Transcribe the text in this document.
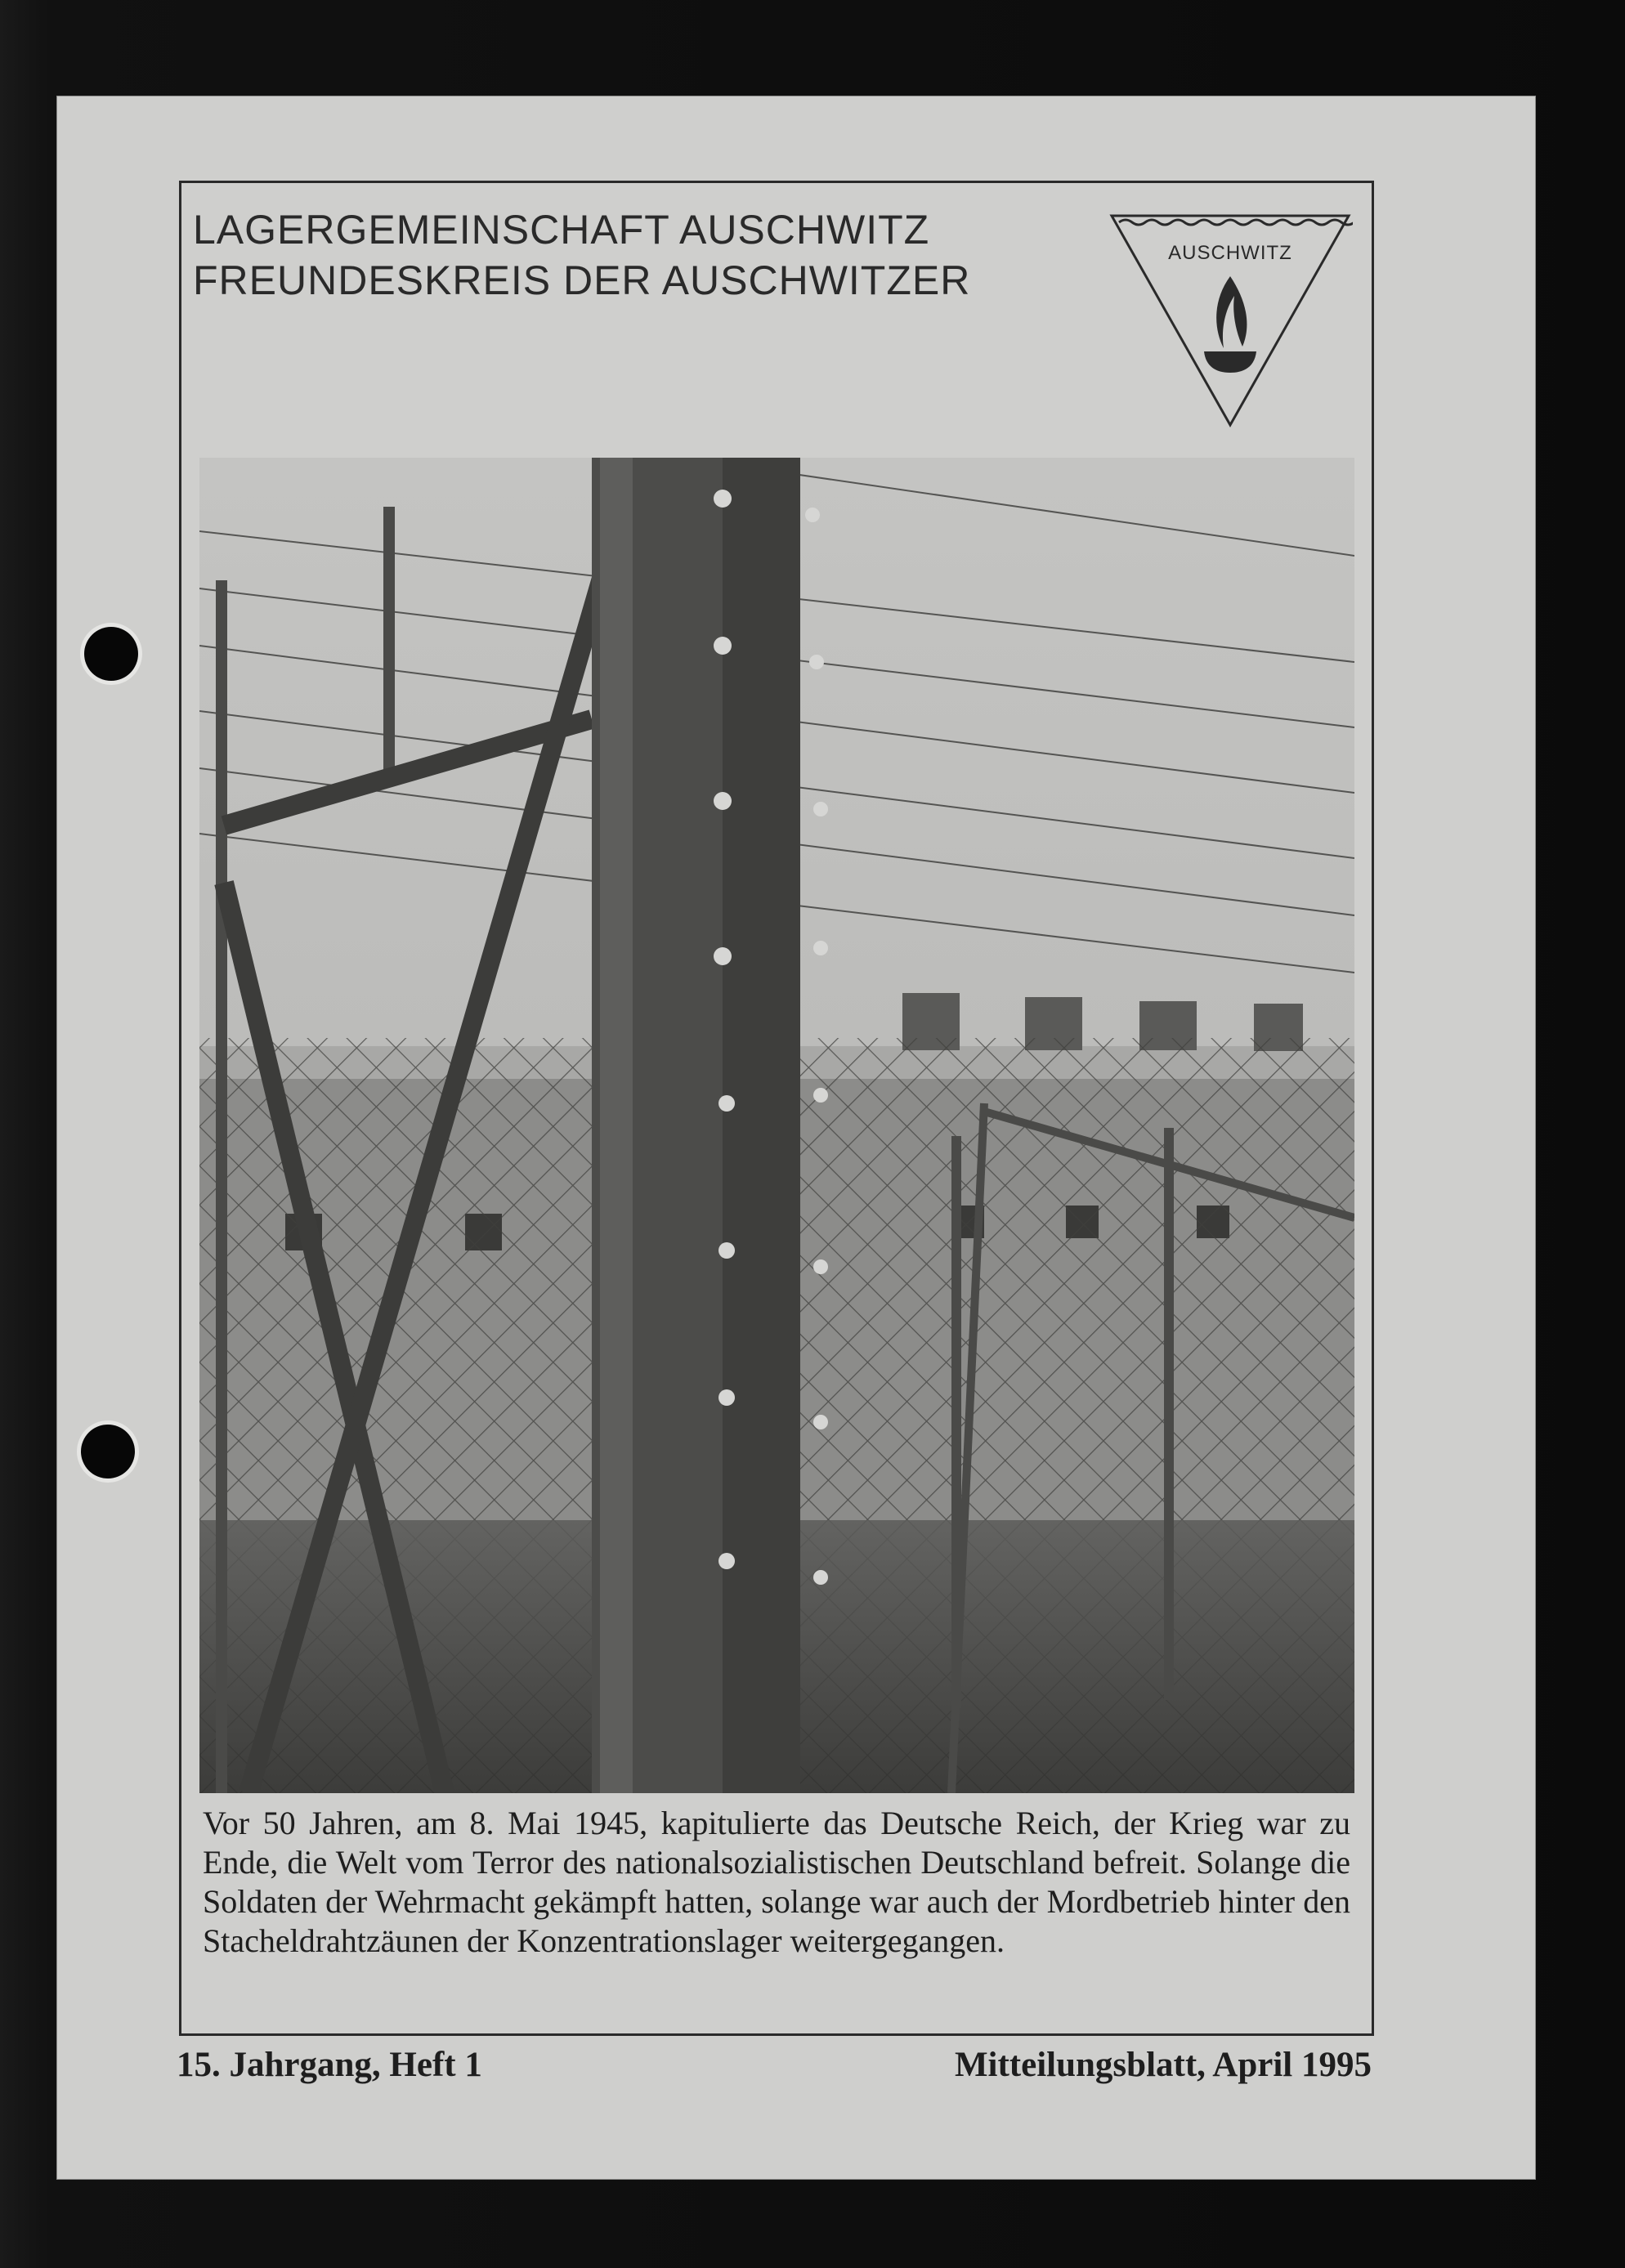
LAGERGEMEINSCHAFT AUSCHWITZ
FREUNDESKREIS DER AUSCHWITZER
AUSCHWITZ

Vor 50 Jahren, am 8. Mai 1945, kapitulierte das Deutsche Reich, der Krieg war zu Ende, die Welt vom Terror des nationalsozialistischen Deutschland befreit. Solange die Soldaten der Wehrmacht gekämpft hatten, solange war auch der Mordbetrieb hinter den Stacheldrahtzäunen der Konzentrationslager weitergegangen.

15. Jahrgang, Heft 1	Mitteilungsblatt, April 1995
